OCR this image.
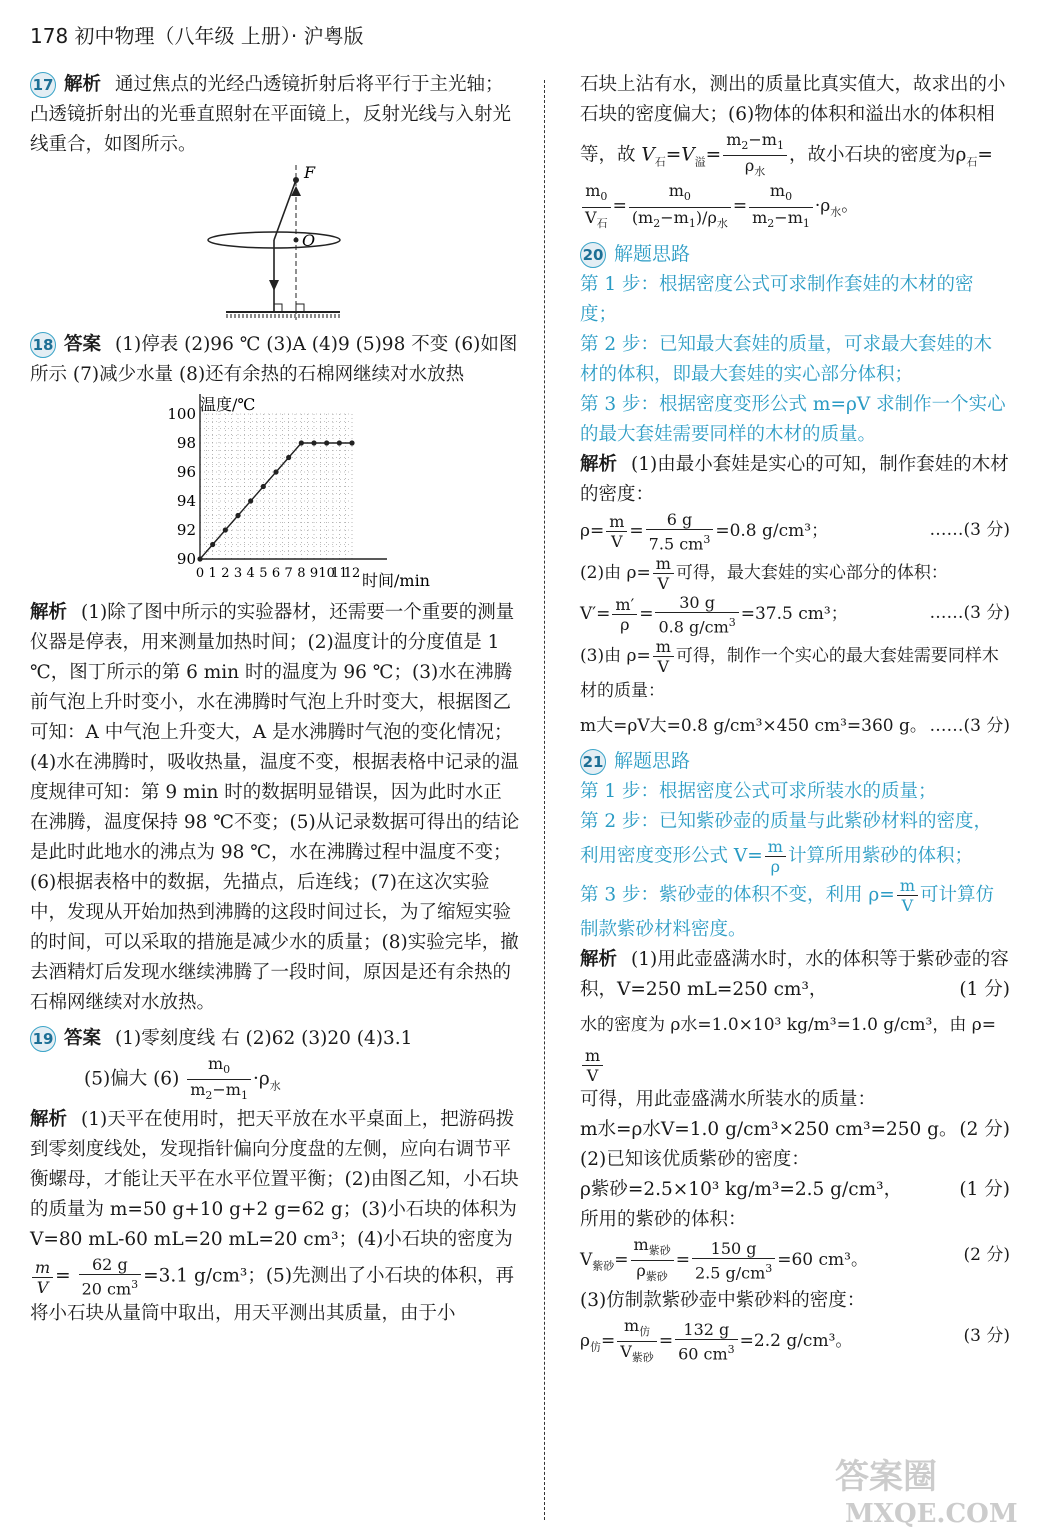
178 初中物理（八年级 上册）· 沪粤版

17 解析 通过焦点的光经凸透镜折射后将平行于主光轴；凸透镜折射出的光垂直照射在平面镜上，反射光线与入射光线重合，如图所示。

F
O

18 答案 (1)停表 (2)96 ℃ (3)A (4)9 (5)98 不变 (6)如图所示 (7)减少水量 (8)还有余热的石棉网继续对水放热

温度/℃
时间/min
90
92
94
96
98
100
0 1 2 3 4 5 6 7 8 9 10
11
12

解析 (1)除了图中所示的实验器材，还需要一个重要的测量仪器是停表，用来测量加热时间；(2)温度计的分度值是 1 ℃，图丁所示的第 6 min 时的温度为 96 ℃；(3)水在沸腾前气泡上升时变小，水在沸腾时气泡上升时变大，根据图乙可知：A 中气泡上升变大，A 是水沸腾时气泡的变化情况；(4)水在沸腾时，吸收热量，温度不变，根据表格中记录的温度规律可知：第 9 min 时的数据明显错误，因为此时水正在沸腾，温度保持 98 ℃不变；(5)从记录数据可得出的结论是此时此地水的沸点为 98 ℃，水在沸腾过程中温度不变；(6)根据表格中的数据，先描点，后连线；(7)在这次实验中，发现从开始加热到沸腾的这段时间过长，为了缩短实验的时间，可以采取的措施是减少水的质量；(8)实验完毕，撤去酒精灯后发现水继续沸腾了一段时间，原因是还有余热的石棉网继续对水放热。

19 答案 (1)零刻度线 右 (2)62 (3)20 (4)3.1

(5)偏大 $(6) \frac{m_0}{m_2-m_1} \cdot\rho_水$

解析 (1)天平在使用时，把天平放在水平桌面上，把游码拨到零刻度线处，发现指针偏向分度盘的左侧，应向右调节平衡螺母，才能让天平在水平位置平衡；(2)由图乙知，小石块的质量为 m=50 g+10 g+2 g=62 g；(3)小石块的体积为 V=80 mL-60 mL=20 mL=20 cm³；(4)小石块的密度为
$\frac{m}{V} = \frac{62 g}{20 cm^3} =3.1$ g/cm³；(5)先测出了小石块的体积，再将小石块从量筒中取出，用天平测出其质量，由于小

石块上沾有水，测出的质量比真实值大，故求出的小石块的密度偏大；(6)物体的体积和溢出水的体积相等，故 $V_石=V_溢= \frac{m_2-m_1}{\rho_水}$ ，故小石块的密度为$\rho_石=$

$\frac{m_0}{V_石} = \frac{m_0}{(m_2-m_1)/\rho_水} = \frac{m_0}{m_2-m_1} \cdot\rho_水$。

20 解题思路

第 1 步：根据密度公式可求制作套娃的木材的密度；

第 2 步：已知最大套娃的质量，可求最大套娃的木材的体积，即最大套娃的实心部分体积；

第 3 步：根据密度变形公式 m=ρV 求制作一个实心的最大套娃需要同样的木材的质量。

解析 (1)由最小套娃是实心的可知，制作套娃的木材的密度：

$\rho= \frac{m}{V} = \frac{6 g}{7.5 cm^3} =0.8$ g/cm³；	……(3 分)

(2)由 $\rho= \frac{m}{V}$ 可得，最大套娃的实心部分的体积：

$V'= \frac{m'}{\rho} = \frac{30 g}{0.8 g/cm^3} =37.5$ cm³；	……(3 分)

(3)由 $\rho= \frac{m}{V}$ 可得，制作一个实心的最大套娃需要同样木材的质量：

m大=ρV大=0.8 g/cm³×450 cm³=360 g。 ……(3 分)

21 解题思路

第 1 步：根据密度公式可求所装水的质量；

第 2 步：已知紫砂壶的质量与此紫砂材料的密度，利用密度变形公式 $V= \frac{m}{\rho}$ 计算所用紫砂的体积；

第 3 步：紫砂壶的体积不变，利用 $\rho= \frac{m}{V}$ 可计算仿制款紫砂材料密度。

解析 (1)用此壶盛满水时，水的体积等于紫砂壶的容积，V=250 mL=250 cm³，	(1 分)

水的密度为 ρ水=1.0×10³ kg/m³=1.0 g/cm³，由 ρ=
$\frac{m}{V}$

可得，用此壶盛满水所装水的质量：

m水=ρ水V=1.0 g/cm³×250 cm³=250 g。 (2 分)

(2)已知该优质紫砂的密度：

ρ紫砂=2.5×10³ kg/m³=2.5 g/cm³，	(1 分)

所用的紫砂的体积：

$V_{紫砂}= \frac{m_{紫砂}}{\rho_{紫砂}} = \frac{150 g}{2.5 g/cm^3} =60$ cm³。	(2 分)

(3)仿制款紫砂壶中紫砂料的密度：

$\rho_仿= \frac{m_仿}{V_{紫砂}} = \frac{132 g}{60 cm^3} =2.2$ g/cm³。	(3 分)

答案圈
MXQE.COM
